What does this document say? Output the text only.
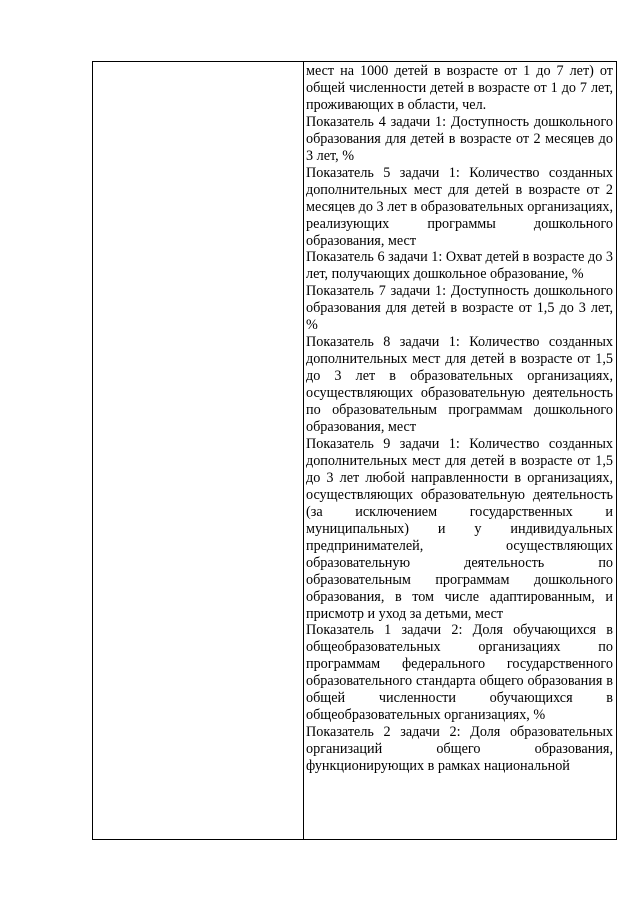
мест на 1000 детей в возрасте от 1 до 7 лет) от общей численности детей в возрасте от 1 до 7 лет, проживающих в области, чел.

Показатель 4 задачи 1: Доступность дошкольного образования для детей в возрасте от 2 месяцев до 3 лет, %

Показатель 5 задачи 1: Количество созданных дополнительных мест для детей в возрасте от 2 месяцев до 3 лет в образовательных организациях, реализующих программы дошкольного образования, мест

Показатель 6 задачи 1: Охват детей в возрасте до 3 лет, получающих дошкольное образование, %

Показатель 7 задачи 1: Доступность дошкольного образования для детей в возрасте от 1,5 до 3 лет, %

Показатель 8 задачи 1: Количество созданных дополнительных мест для детей в возрасте от 1,5 до 3 лет в образовательных организациях, осуществляющих образовательную деятельность по образовательным программам дошкольного образования, мест

Показатель 9 задачи 1: Количество созданных дополнительных мест для детей в возрасте от 1,5 до 3 лет любой направленности в организациях, осуществляющих образовательную деятельность (за исключением государственных и муниципальных) и у индивидуальных предпринимателей, осуществляющих образовательную деятельность по образовательным программам дошкольного образования, в том числе адаптированным, и присмотр и уход за детьми, мест

Показатель 1 задачи 2: Доля обучающихся в общеобразовательных организациях по программам федерального государственного образовательного стандарта общего образования в общей численности обучающихся в общеобразовательных организациях, %

Показатель 2 задачи 2: Доля образовательных организаций общего образования, функционирующих в рамках национальной
